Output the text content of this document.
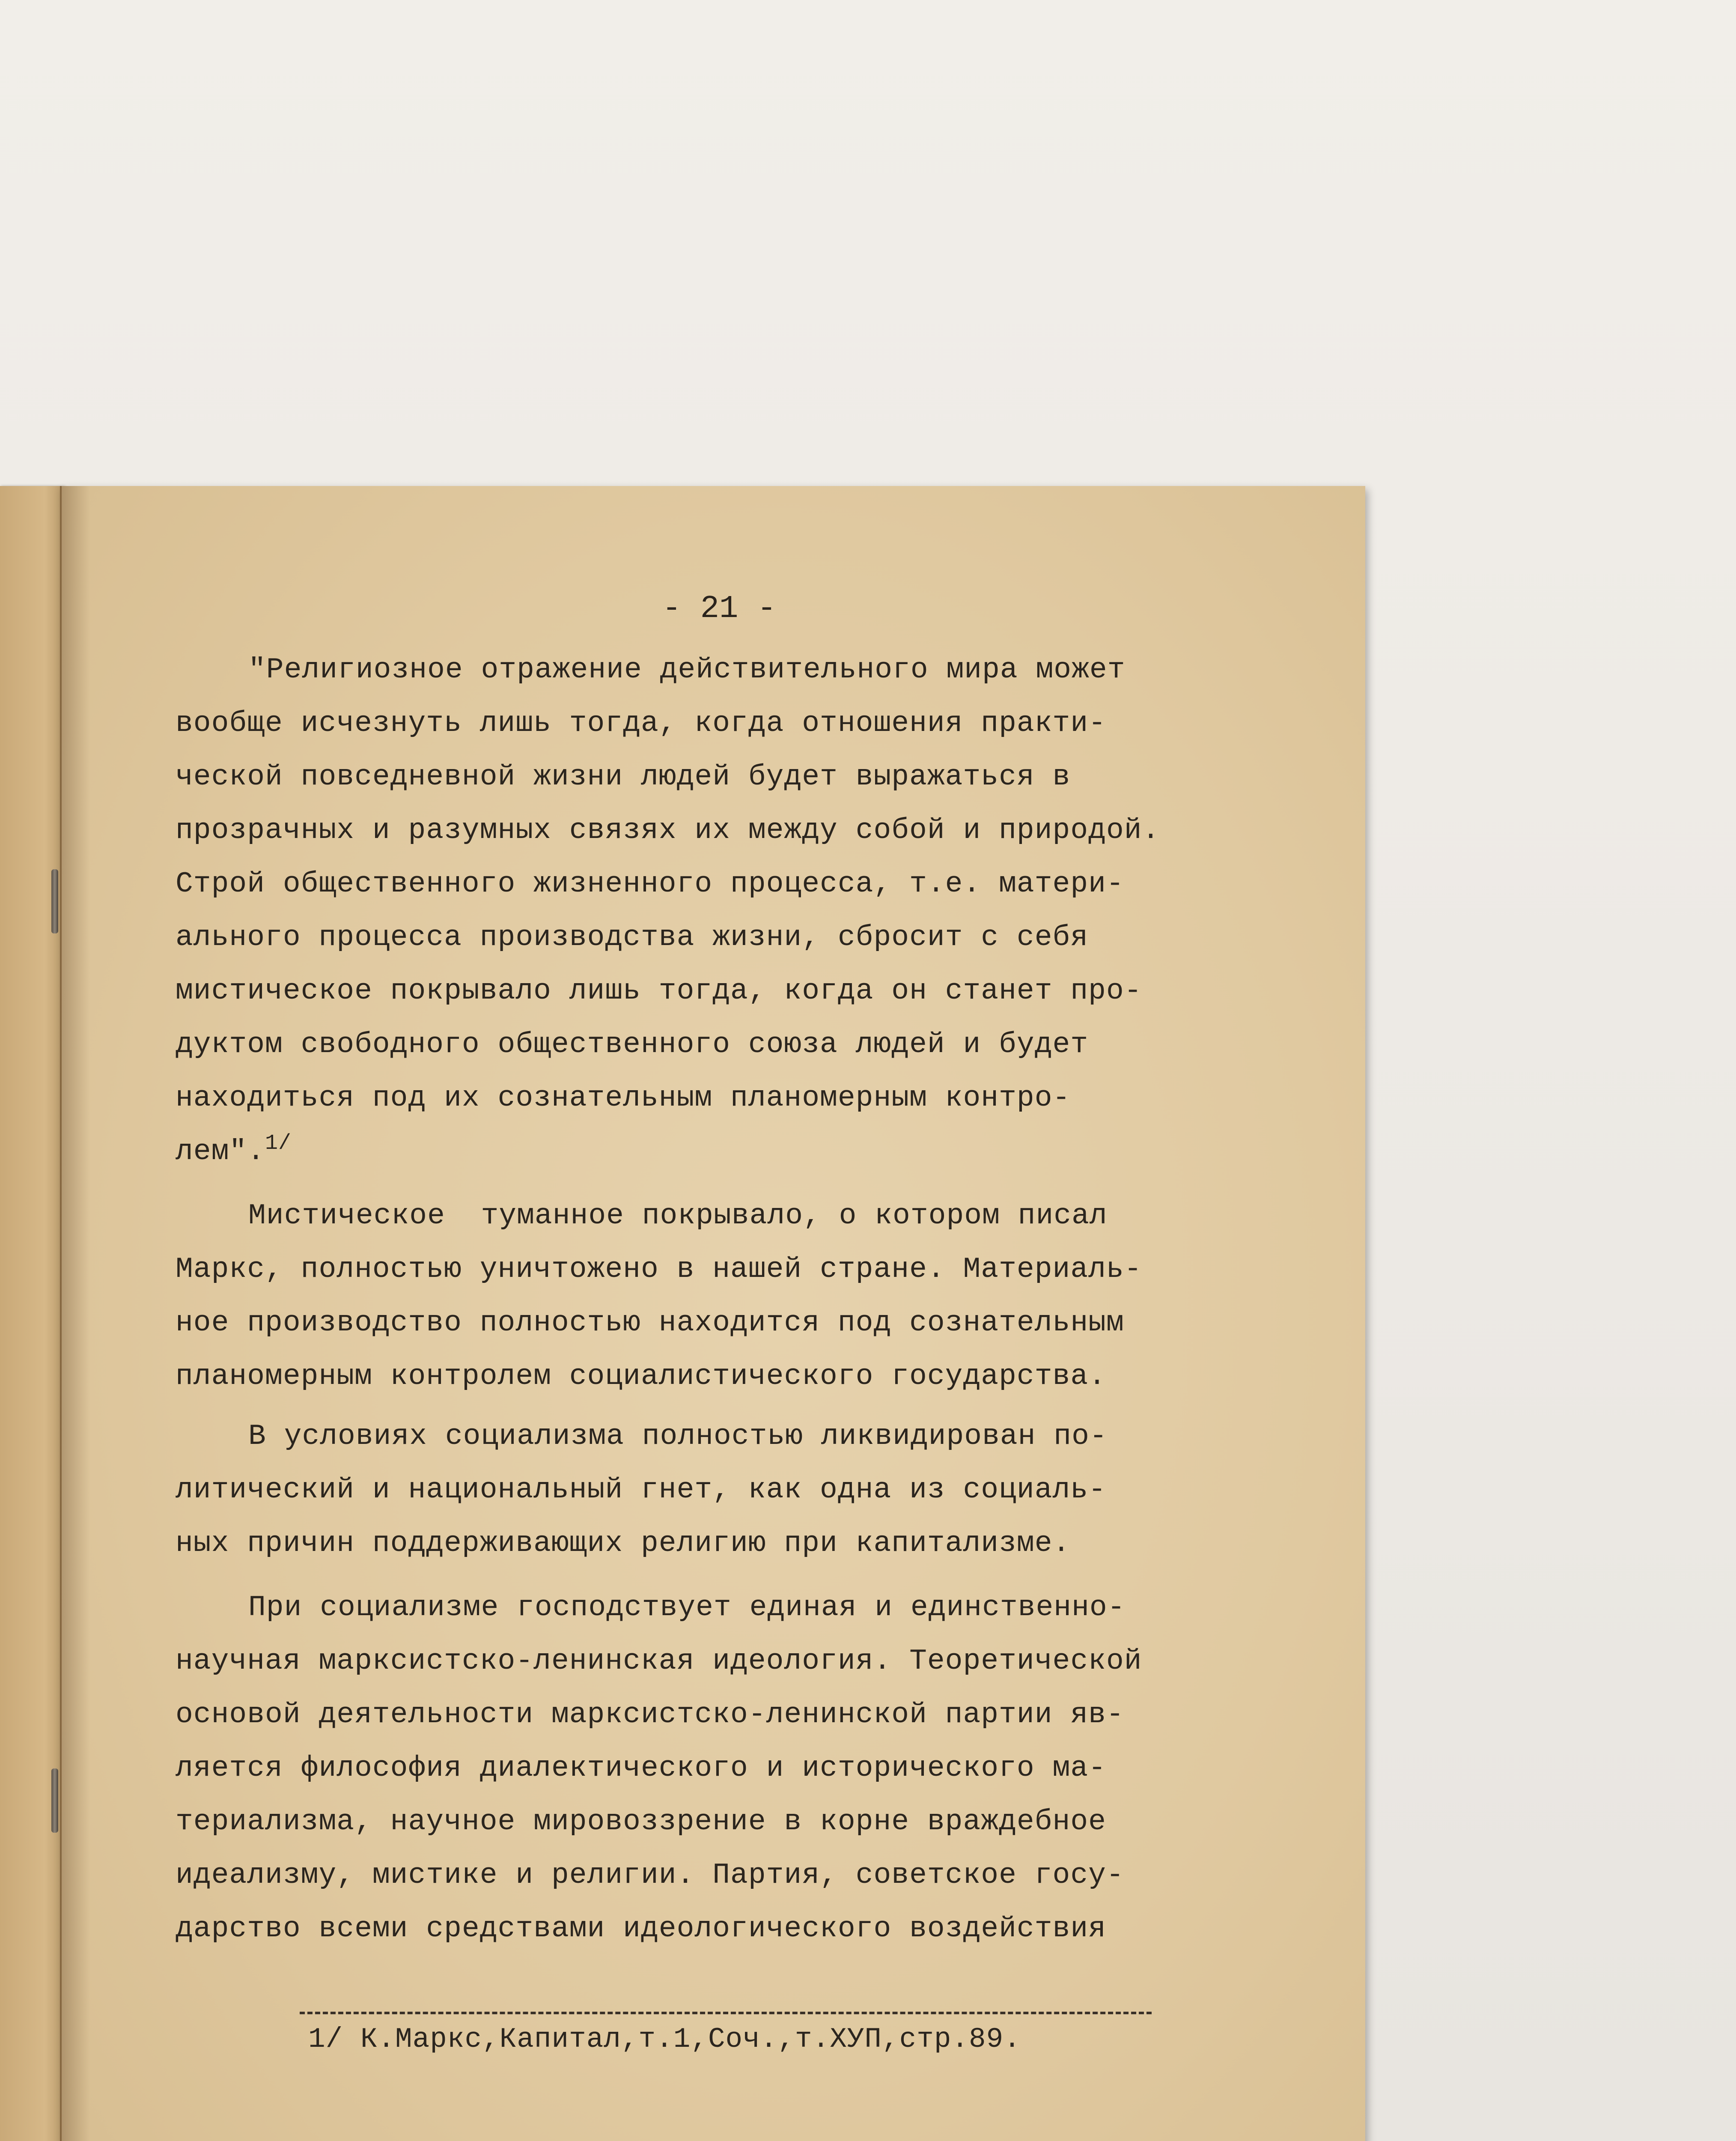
- 21 -
"Религиозное отражение действительного мира может
вообще исчезнуть лишь тогда, когда отношения практи-
ческой повседневной жизни людей будет выражаться в
прозрачных и разумных связях их между собой и природой.
Строй общественного жизненного процесса, т.е. матери-
ального процесса производства жизни, сбросит с себя
мистическое покрывало лишь тогда, когда он станет про-
дуктом свободного общественного союза людей и будет
находиться под их сознательным планомерным контро-
лем".$^{1/}$
Мистическое  туманное покрывало, о котором писал
Маркс, полностью уничтожено в нашей стране. Материаль-
ное производство полностью находится под сознательным
планомерным контролем социалистического государства.
В условиях социализма полностью ликвидирован по-
литический и национальный гнет, как одна из социаль-
ных причин поддерживающих религию при капитализме.
При социализме господствует единая и единственно-
научная марксистско-ленинская идеология. Теоретической
основой деятельности марксистско-ленинской партии яв-
ляется философия диалектического и исторического ма-
териализма, научное мировоззрение в корне враждебное
идеализму, мистике и религии. Партия, советское госу-
дарство всеми средствами идеологического воздействия
1/ К.Маркс,Капитал,т.1,Соч.,т.ХУП,стр.89.
